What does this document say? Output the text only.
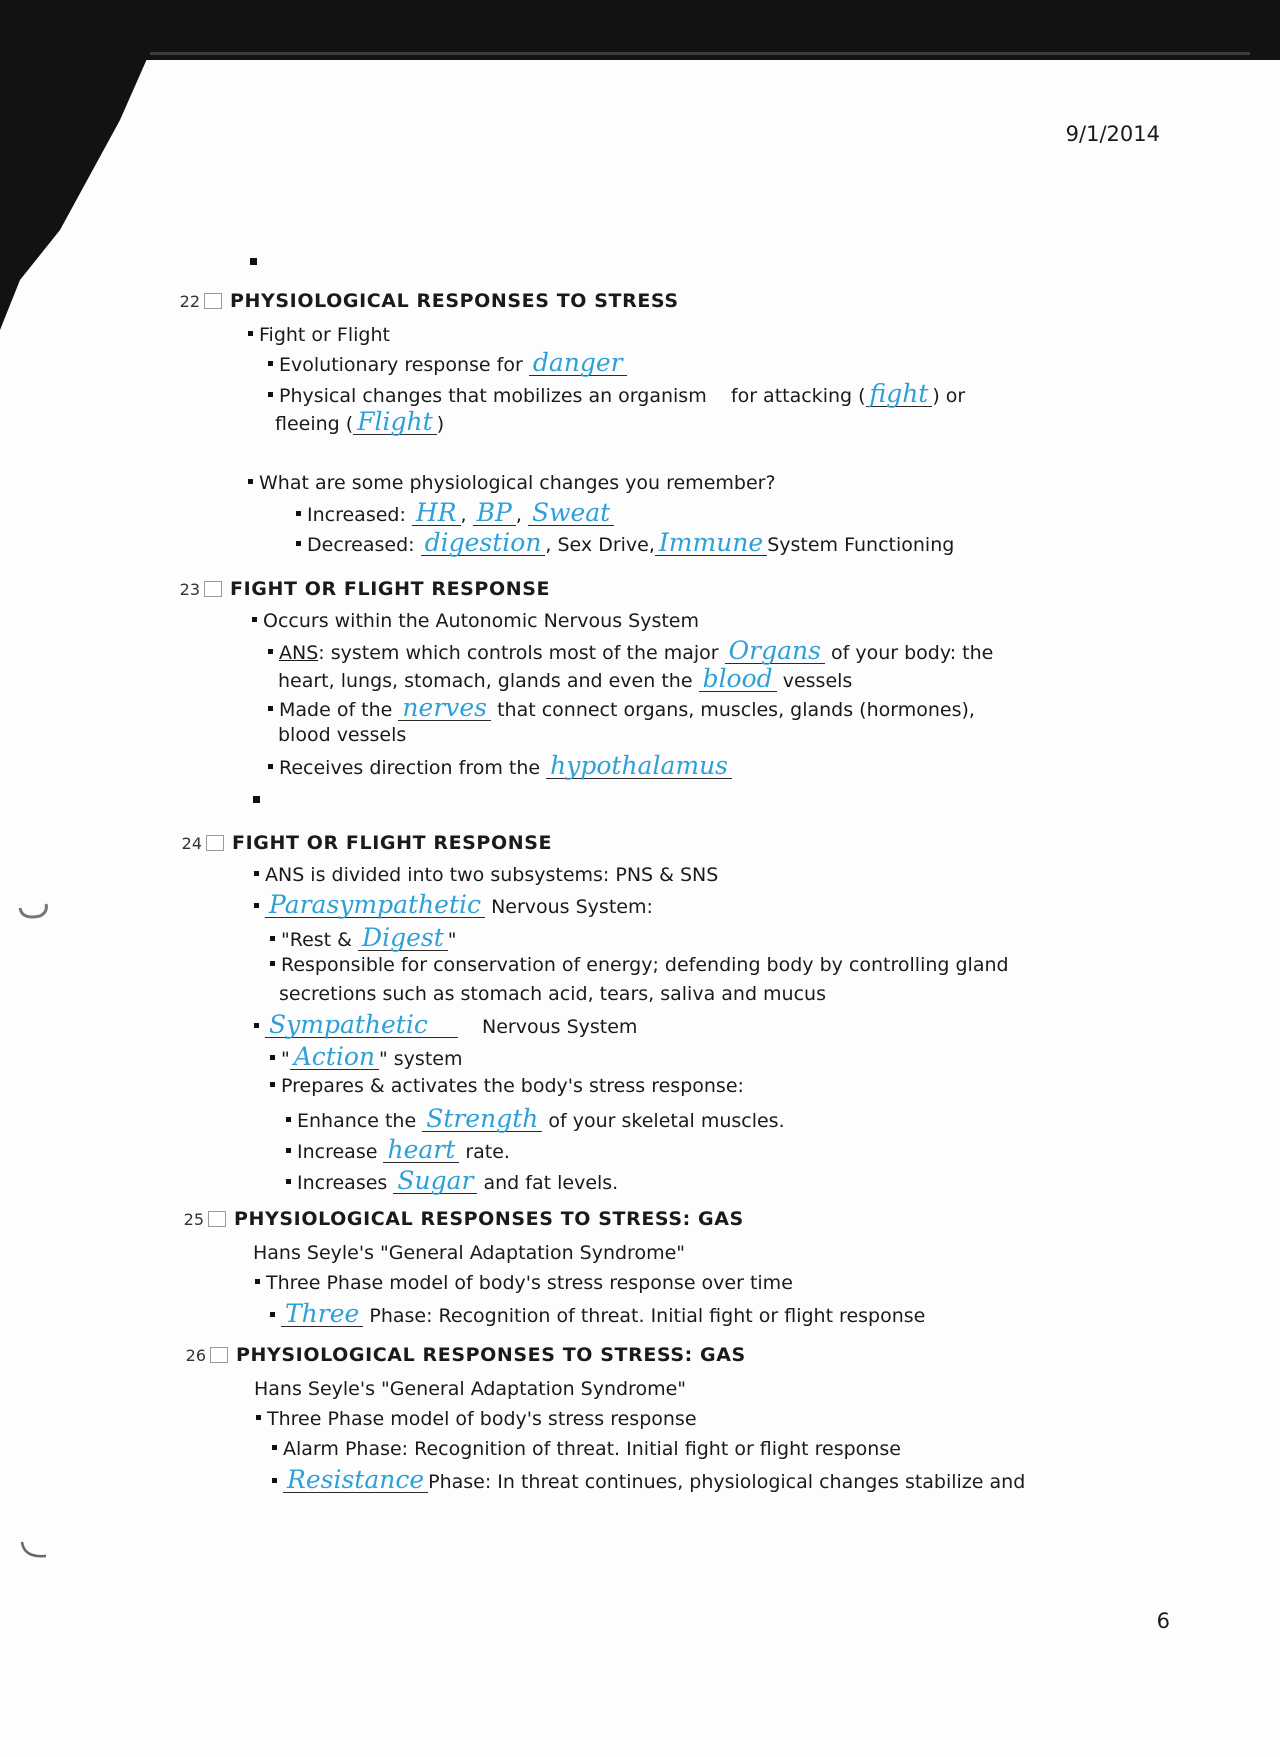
9/1/2014
6
22 PHYSIOLOGICAL RESPONSES TO STRESS
Fight or Flight
Evolutionary response for danger
Physical changes that mobilizes an organism for attacking ( fight ) or
fleeing ( Flight )
What are some physiological changes you remember?
Increased: HR , BP , Sweat
Decreased: digestion , Sex Drive, Immune System Functioning
23 FIGHT OR FLIGHT RESPONSE
Occurs within the Autonomic Nervous System
ANS: system which controls most of the major Organs of your body: the
heart, lungs, stomach, glands and even the blood vessels
Made of the nerves that connect organs, muscles, glands (hormones),
blood vessels
Receives direction from the hypothalamus
24 FIGHT OR FLIGHT RESPONSE
ANS is divided into two subsystems: PNS & SNS
Parasympathetic Nervous System:
"Rest & Digest "
Responsible for conservation of energy; defending body by controlling gland
secretions such as stomach acid, tears, saliva and mucus
Sympathetic	Nervous System
" Action " system
Prepares & activates the body's stress response:
Enhance the Strength of your skeletal muscles.
Increase heart rate.
Increases Sugar and fat levels.
25 PHYSIOLOGICAL RESPONSES TO STRESS: GAS
Hans Seyle's "General Adaptation Syndrome"
Three Phase model of body's stress response over time
Three Phase: Recognition of threat. Initial fight or flight response
26 PHYSIOLOGICAL RESPONSES TO STRESS: GAS
Hans Seyle's "General Adaptation Syndrome"
Three Phase model of body's stress response
Alarm Phase: Recognition of threat. Initial fight or flight response
Resistance Phase: In threat continues, physiological changes stabilize and
